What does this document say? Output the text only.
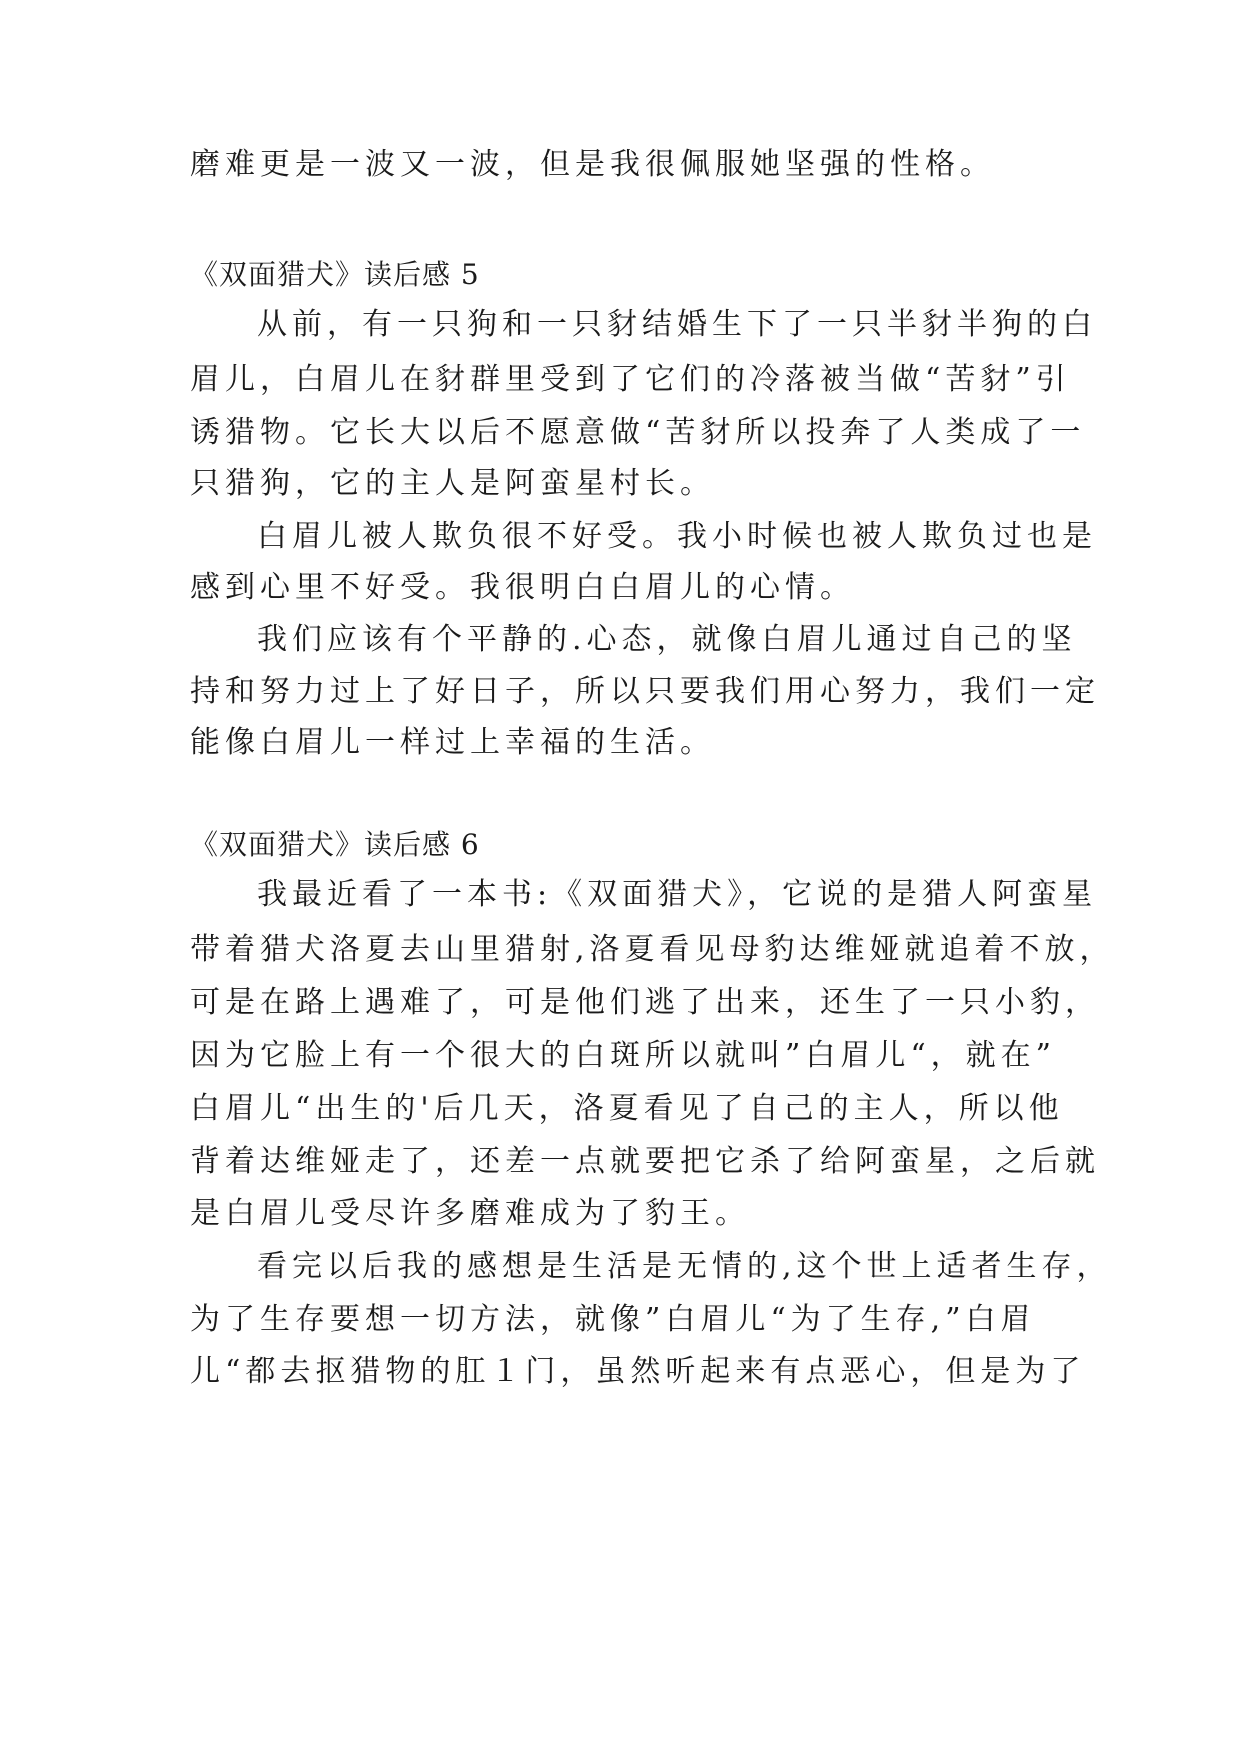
磨难更是一波又一波，但是我很佩服她坚强的性格。
《双面猎犬》读后感 5
从前，有一只狗和一只豺结婚生下了一只半豺半狗的白
眉儿，白眉儿在豺群里受到了它们的冷落被当做“苦豺”引
诱猎物。它长大以后不愿意做“苦豺所以投奔了人类成了一
只猎狗，它的主人是阿蛮星村长。
白眉儿被人欺负很不好受。我小时候也被人欺负过也是
感到心里不好受。我很明白白眉儿的心情。
我们应该有个平静的.心态，就像白眉儿通过自己的坚
持和努力过上了好日子，所以只要我们用心努力，我们一定
能像白眉儿一样过上幸福的生活。
《双面猎犬》读后感 6
我最近看了一本书:《双面猎犬》，它说的是猎人阿蛮星
带着猎犬洛夏去山里猎射,洛夏看见母豹达维娅就追着不放，
可是在路上遇难了，可是他们逃了出来，还生了一只小豹，
因为它脸上有一个很大的白斑所以就叫”白眉儿“，就在”
白眉儿“出生的'后几天，洛夏看见了自己的主人，所以他
背着达维娅走了，还差一点就要把它杀了给阿蛮星，之后就
是白眉儿受尽许多磨难成为了豹王。
看完以后我的感想是生活是无情的,这个世上适者生存，
为了生存要想一切方法，就像”白眉儿“为了生存,”白眉
儿“都去抠猎物的肛１门，虽然听起来有点恶心，但是为了
